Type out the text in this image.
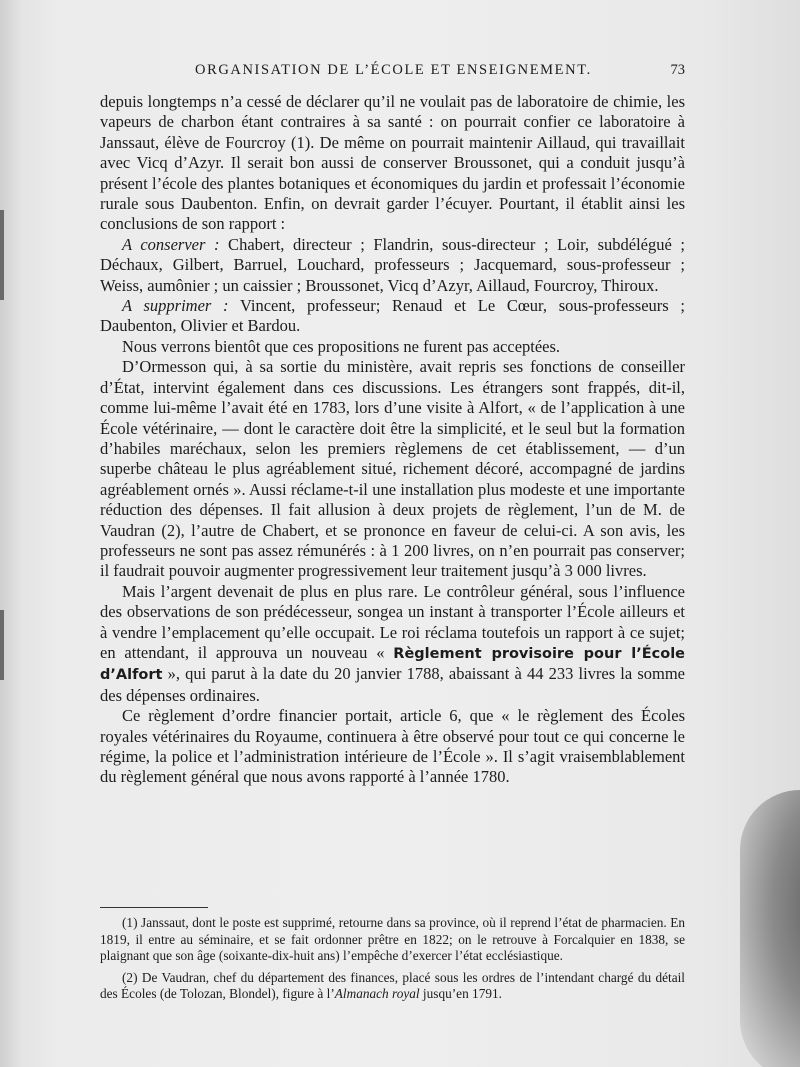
ORGANISATION DE L’ÉCOLE ET ENSEIGNEMENT.	73

depuis longtemps n’a cessé de déclarer qu’il ne voulait pas de laboratoire de chimie, les vapeurs de charbon étant contraires à sa santé : on pourrait confier ce laboratoire à Janssaut, élève de Fourcroy (1). De même on pourrait maintenir Aillaud, qui travaillait avec Vicq d’Azyr. Il serait bon aussi de conserver Broussonet, qui a conduit jusqu’à présent l’école des plantes botaniques et économiques du jardin et professait l’économie rurale sous Daubenton. Enfin, on devrait garder l’écuyer. Pourtant, il établit ainsi les conclusions de son rapport :

A conserver : Chabert, directeur ; Flandrin, sous-directeur ; Loir, subdélégué ; Déchaux, Gilbert, Barruel, Louchard, professeurs ; Jacquemard, sous-professeur ; Weiss, aumônier ; un caissier ; Broussonet, Vicq d’Azyr, Aillaud, Fourcroy, Thiroux.

A supprimer : Vincent, professeur; Renaud et Le Cœur, sous-professeurs ; Daubenton, Olivier et Bardou.

Nous verrons bientôt que ces propositions ne furent pas acceptées.

D’Ormesson qui, à sa sortie du ministère, avait repris ses fonctions de conseiller d’État, intervint également dans ces discussions. Les étrangers sont frappés, dit-il, comme lui-même l’avait été en 1783, lors d’une visite à Alfort, « de l’application à une École vétérinaire, — dont le caractère doit être la simplicité, et le seul but la formation d’habiles maréchaux, selon les premiers règlemens de cet établissement, — d’un superbe château le plus agréablement situé, richement décoré, accompagné de jardins agréablement ornés ». Aussi réclame-t-il une installation plus modeste et une importante réduction des dépenses. Il fait allusion à deux projets de règlement, l’un de M. de Vaudran (2), l’autre de Chabert, et se prononce en faveur de celui-ci. A son avis, les professeurs ne sont pas assez rémunérés : à 1 200 livres, on n’en pourrait pas conserver; il faudrait pouvoir augmenter progressivement leur traitement jusqu’à 3 000 livres.

Mais l’argent devenait de plus en plus rare. Le contrôleur général, sous l’influence des observations de son prédécesseur, songea un instant à transporter l’École ailleurs et à vendre l’emplacement qu’elle occupait. Le roi réclama toutefois un rapport à ce sujet; en attendant, il approuva un nouveau « Règlement provisoire pour l’École d’Alfort », qui parut à la date du 20 janvier 1788, abaissant à 44 233 livres la somme des dépenses ordinaires.

Ce règlement d’ordre financier portait, article 6, que « le règlement des Écoles royales vétérinaires du Royaume, continuera à être observé pour tout ce qui concerne le régime, la police et l’administration intérieure de l’École ». Il s’agit vraisemblablement du règlement général que nous avons rapporté à l’année 1780.

(1) Janssaut, dont le poste est supprimé, retourne dans sa province, où il reprend l’état de pharmacien. En 1819, il entre au séminaire, et se fait ordonner prêtre en 1822; on le retrouve à Forcalquier en 1838, se plaignant que son âge (soixante-dix-huit ans) l’empêche d’exercer l’état ecclésiastique.

(2) De Vaudran, chef du département des finances, placé sous les ordres de l’intendant chargé du détail des Écoles (de Tolozan, Blondel), figure à l’Almanach royal jusqu’en 1791.
